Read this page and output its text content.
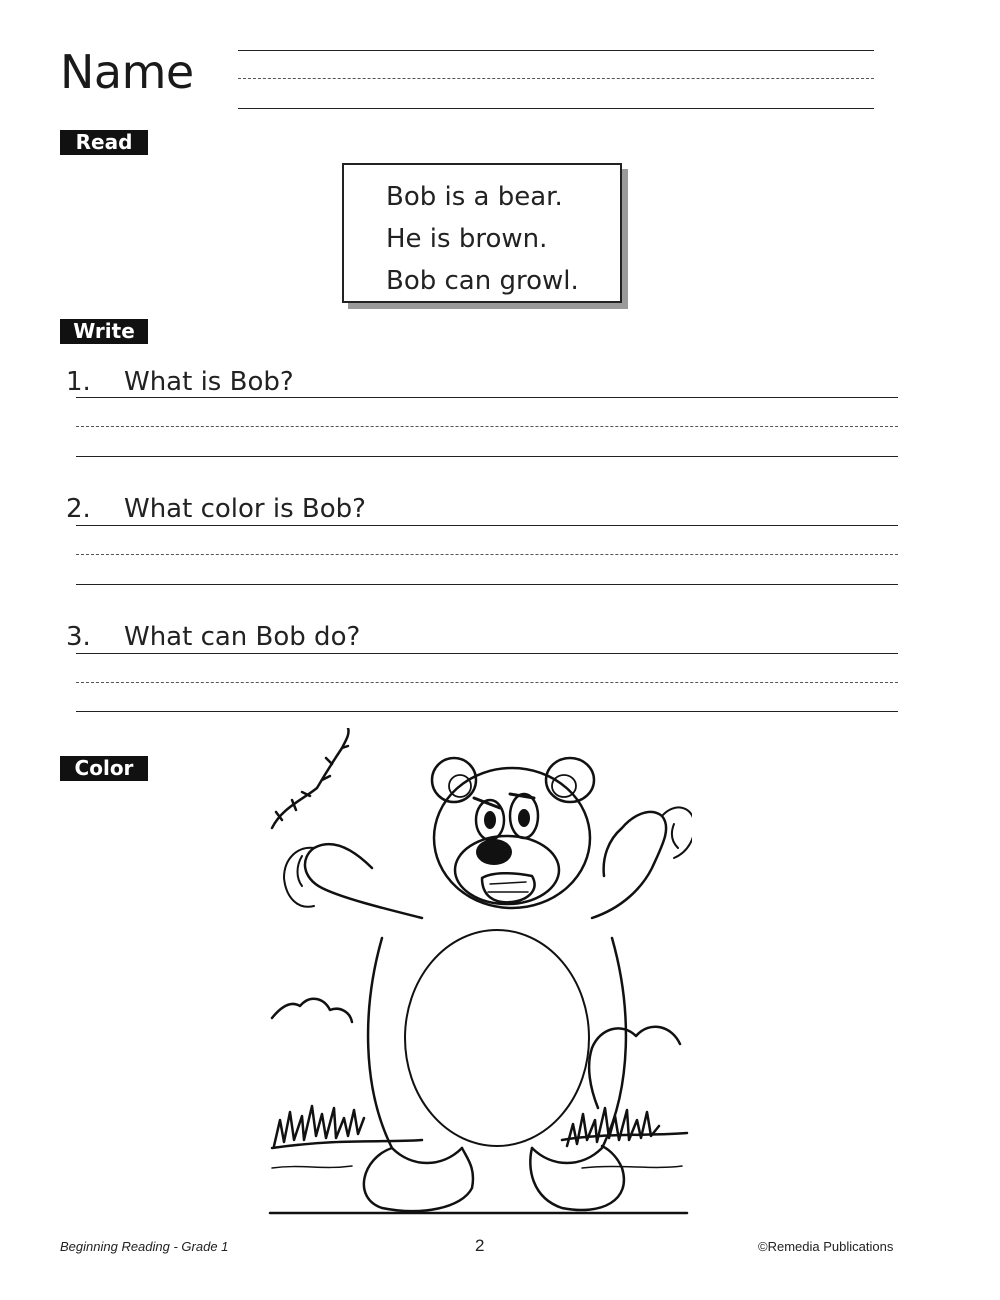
Name
Read
Bob is a bear.
He is brown.
Bob can growl.
Write
1. What is Bob?
2. What color is Bob?
3. What can Bob do?
Color
Beginning Reading - Grade 1	2	©Remedia Publications
